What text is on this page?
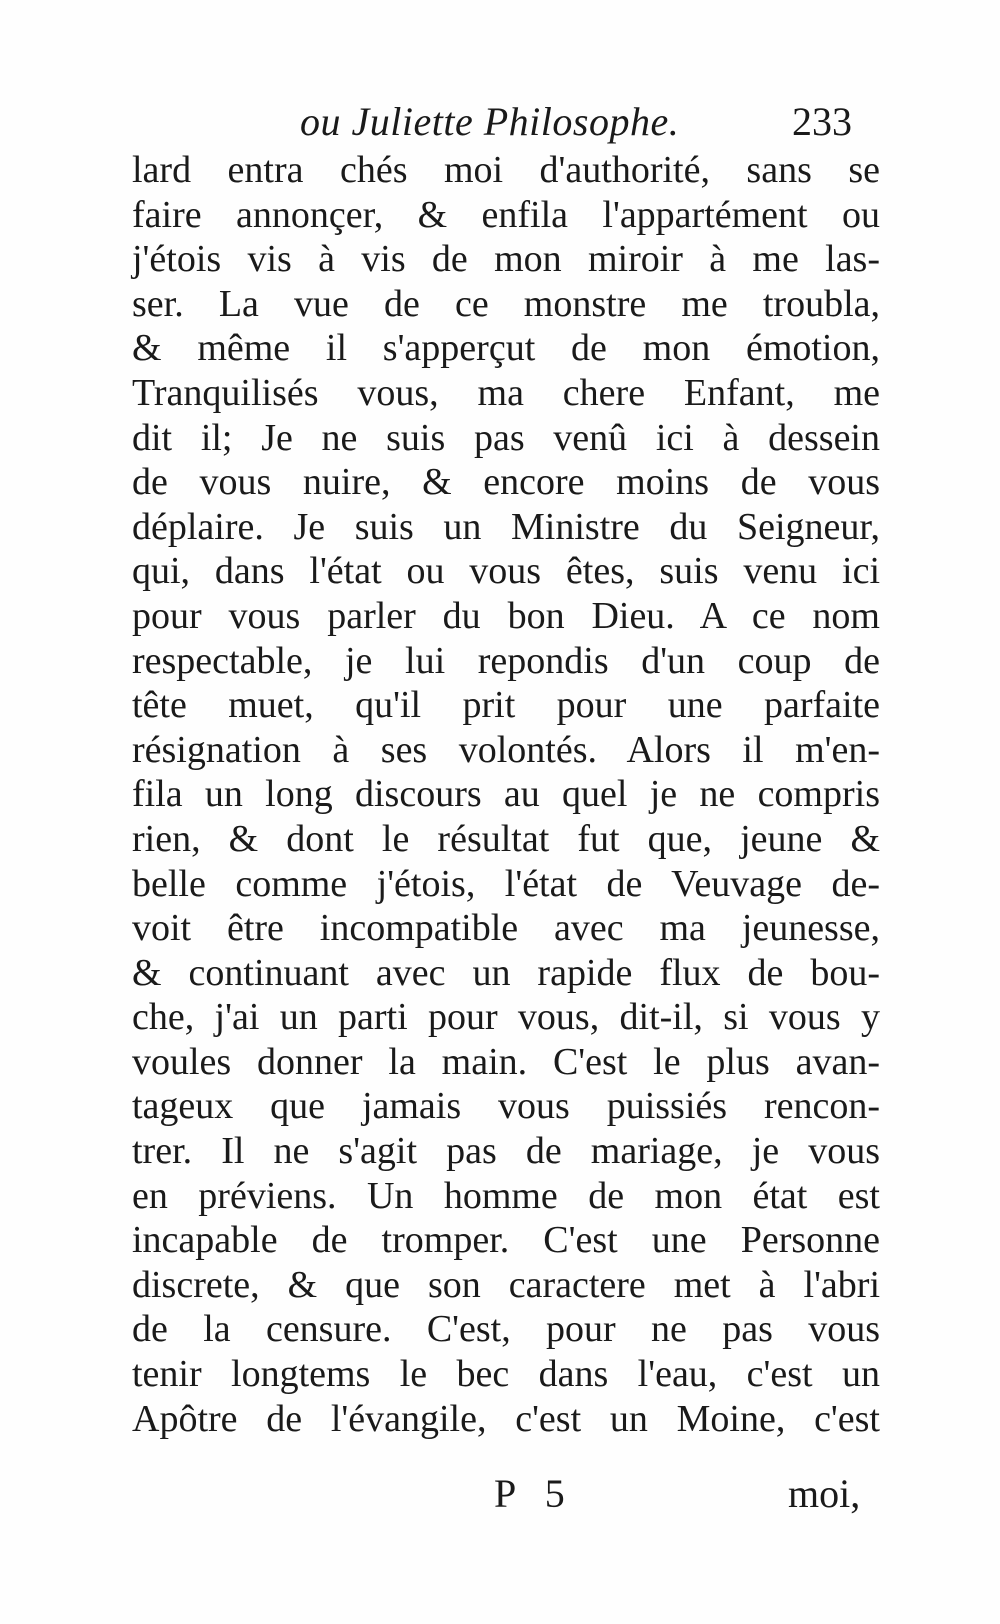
ou Juliette Philosophe.	233
lard entra chés moi d'authorité, sans se
faire annonçer, & enfila l'appartément ou
j'étois vis à vis de mon miroir à me las-
ser. La vue de ce monstre me troubla,
& même il s'apperçut de mon émotion,
Tranquilisés vous, ma chere Enfant, me
dit il; Je ne suis pas venû ici à dessein
de vous nuire, & encore moins de vous
déplaire. Je suis un Ministre du Seigneur,
qui, dans l'état ou vous êtes, suis venu ici
pour vous parler du bon Dieu. A ce nom
respectable, je lui repondis d'un coup de
tête muet, qu'il prit pour une parfaite
résignation à ses volontés. Alors il m'en-
fila un long discours au quel je ne compris
rien, & dont le résultat fut que, jeune &
belle comme j'étois, l'état de Veuvage de-
voit être incompatible avec ma jeunesse,
& continuant avec un rapide flux de bou-
che, j'ai un parti pour vous, dit-il, si vous y
voules donner la main. C'est le plus avan-
tageux que jamais vous puissiés rencon-
trer. Il ne s'agit pas de mariage, je vous
en préviens. Un homme de mon état est
incapable de tromper. C'est une Personne
discrete, & que son caractere met à l'abri
de la censure. C'est, pour ne pas vous
tenir longtems le bec dans l'eau, c'est un
Apôtre de l'évangile, c'est un Moine, c'est
P 5	moi,
